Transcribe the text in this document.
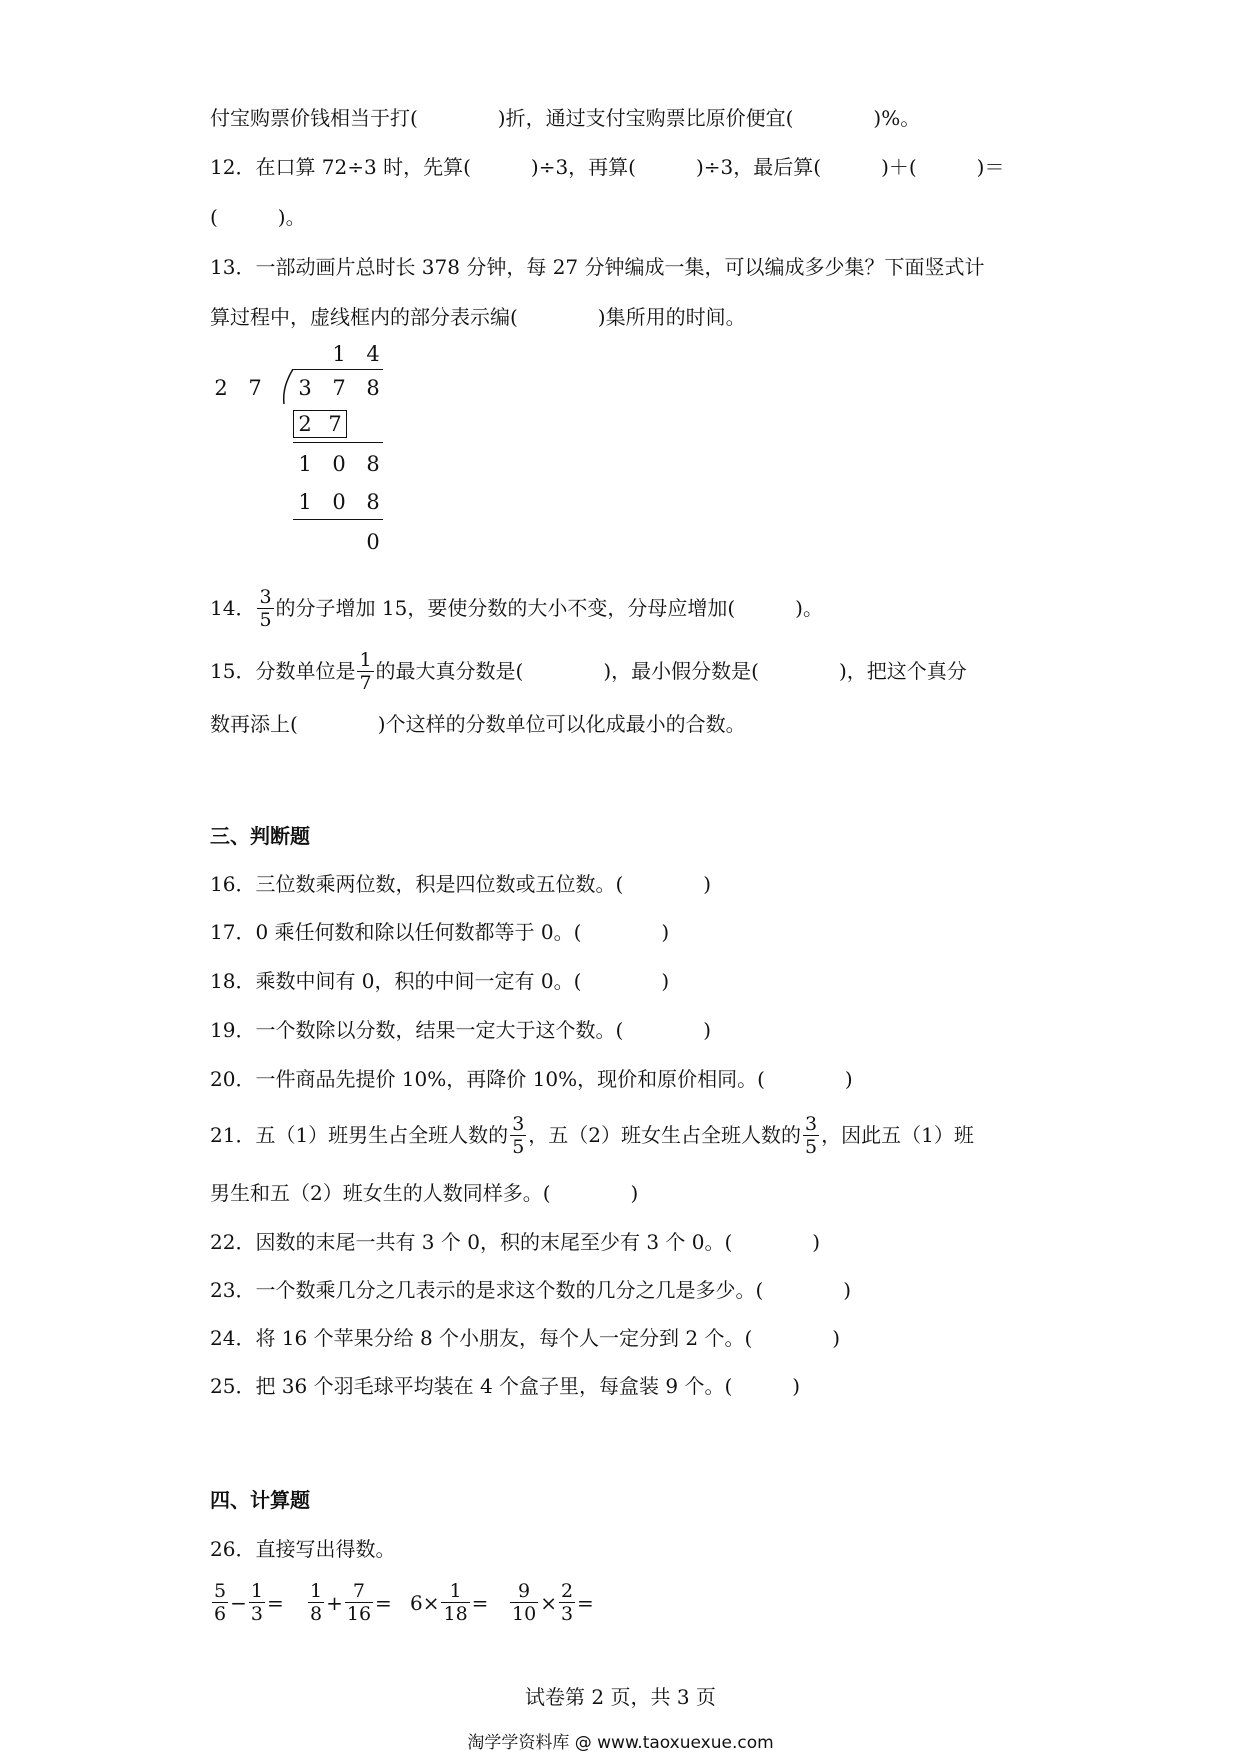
付宝购票价钱相当于打(　　　　)折，通过支付宝购票比原价便宜(　　　　)%。
12．在口算 72÷3 时，先算(　　　)÷3，再算(　　　)÷3，最后算(　　　)＋(　　　)＝
(　　　)。
13．一部动画片总时长 378 分钟，每 27 分钟编成一集，可以编成多少集？下面竖式计
算过程中，虚线框内的部分表示编(　　　　)集所用的时间。
1 4
2 7 3 7 8
2 7
1 0 8
1 0 8
0
14． $\frac{3}{5}$ 的分子增加 15，要使分数的大小不变，分母应增加(　　　)。
15．分数单位是 $\frac{1}{7}$ 的最大真分数是(　　　　)，最小假分数是(　　　　)，把这个真分
数再添上(　　　　)个这样的分数单位可以化成最小的合数。
三、判断题
16．三位数乘两位数，积是四位数或五位数。(　　　　)
17．0 乘任何数和除以任何数都等于 0。(　　　　)
18．乘数中间有 0，积的中间一定有 0。(　　　　)
19．一个数除以分数，结果一定大于这个数。(　　　　)
20．一件商品先提价 10%，再降价 10%，现价和原价相同。(　　　　)
21．五（1）班男生占全班人数的 $\frac{3}{5}$ ，五（2）班女生占全班人数的 $\frac{3}{5}$ ，因此五（1）班
男生和五（2）班女生的人数同样多。(　　　　)
22．因数的末尾一共有 3 个 0，积的末尾至少有 3 个 0。(　　　　)
23．一个数乘几分之几表示的是求这个数的几分之几是多少。(　　　　)
24．将 16 个苹果分给 8 个小朋友，每个人一定分到 2 个。(　　　　)
25．把 36 个羽毛球平均装在 4 个盒子里，每盒装 9 个。(　　　)
四、计算题
26．直接写出得数。
$\frac{5}{6} - \frac{1}{3} = \frac{1}{8} + \frac{7}{16} = 6\times \frac{1}{18} = \frac{9}{10} \times \frac{2}{3}$ =
试卷第 2 页，共 3 页
淘学学资料库 @ www.taoxuexue.com
